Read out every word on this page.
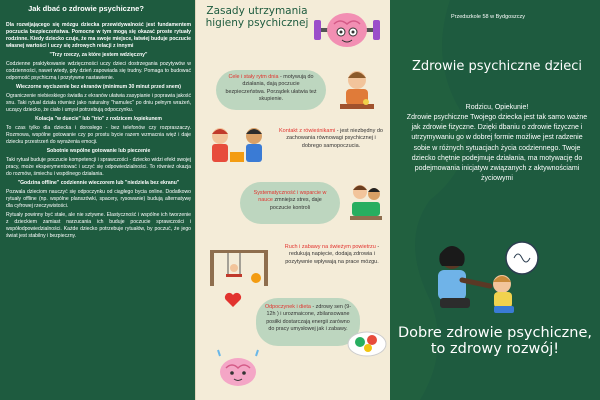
Jak dbać o zdrowie psychiczne?

Dla rozwijającego się mózgu dziecka przewidywalność jest fundamentem poczucia bezpieczeństwa. Pomocne w tym mogą się okazać proste rytuały rodzinne. Kiedy dziecko czuje, że ma swoje miejsce, łatwiej buduje poczucie własnej wartości i uczy się zdrowych relacji z innymi

"Trzy rzeczy, za które jestem wdzięczny"

Codzienne praktykowanie wdzięczności uczy dzieci dostrzegania pozytywów w codzienności, nawet wtedy, gdy dzień zapowiada się trudny. Pomaga to budować odporność psychiczną i pozytywne nastawienie.

Wieczorne wyciszenie bez ekranów (minimum 30 minut przed snem)

Ograniczenie niebieskiego światła z ekranów ułatwia zasypianie i poprawia jakość snu. Taki rytuał działa również jako naturalny "hamulec" po dniu pełnym wrażeń, uczący dziecko, że ciało i umysł potrzebują odpoczynku.

Kolacja "w duecie" lub "trio" z rodzicem /opiekunem

To czas tylko dla dziecka i dorosłego - bez telefonów czy rozpraszaczy. Rozmowa, wspólne gotowanie czy po prostu bycie razem wzmacnia więź i daje dziecku przestrzeń do wyrażenia emocji.

Sobotnie wspólne gotowanie lub pieczenie

Taki rytuał buduje poczucie kompetencji i sprawczości - dziecko widzi efekt swojej pracy, może eksperymentować i uczyć się odpowiedzialności. To również okazja do rozmów, śmiechu i wspólnego działania.

"Godzina offline" codziennie wieczorem lub "niedziela bez ekranu"

Pozwala dzieciom nauczyć się odpoczynku od ciągłego bycia online. Dodatkowo rytuały offline (np. wspólne planszówki, spacery, rysowanie) budują alternatywę dla cyfrowej rzeczywistości.

Rytuały powinny być stałe, ale nie sztywne. Elastyczność i wspólne ich tworzenie z dzieckiem zamiast narzucania ich buduje poczucie sprawczości i współodpowiedzialności. Każde dziecko potrzebuje rytuałów, by poczuć, że jego świat jest stabilny i bezpieczny.

Zasady utrzymania higieny psychicznej
Cele i stały rytm dnia - motywują do działania, dają poczucie bezpieczeństwa. Porządek ułatwia też skupienie.
Kontakt z rówieśnikami - jest niezbędny do zachowania równowagi psychicznej i dobrego samopoczucia.
Systematyczność i wsparcie w nauce zmniejsz stres, daje poczucie kontroli
Ruch i zabawy na świeżym powietrzu - redukują napięcie, dodają zdrowia i pozytywnie wpływają na prace mózgu.
Odpoczynek i dieta - zdrowy sen (9-12h ) i urozmaicone, zbilansowane posiłki dostarczają energii zarówno do pracy umysłowej jak i zabawy.
Przedszkole 58 w Bydgoszczy
Zdrowie psychiczne dzieci
Rodzicu, Opiekunie!
Zdrowie psychiczne Twojego dziecka jest tak samo ważne jak zdrowie fizyczne. Dzięki dbaniu o zdrowie fizyczne i utrzymywaniu go w dobrej formie możliwe jest radzenie sobie w różnych sytuacjach życia codziennego. Twoje dziecko chętnie podejmuje działania, ma motywację do podejmowania inicjatyw związanych z aktywnościami życiowymi
Dobre zdrowie psychiczne, to zdrowy rozwój!
